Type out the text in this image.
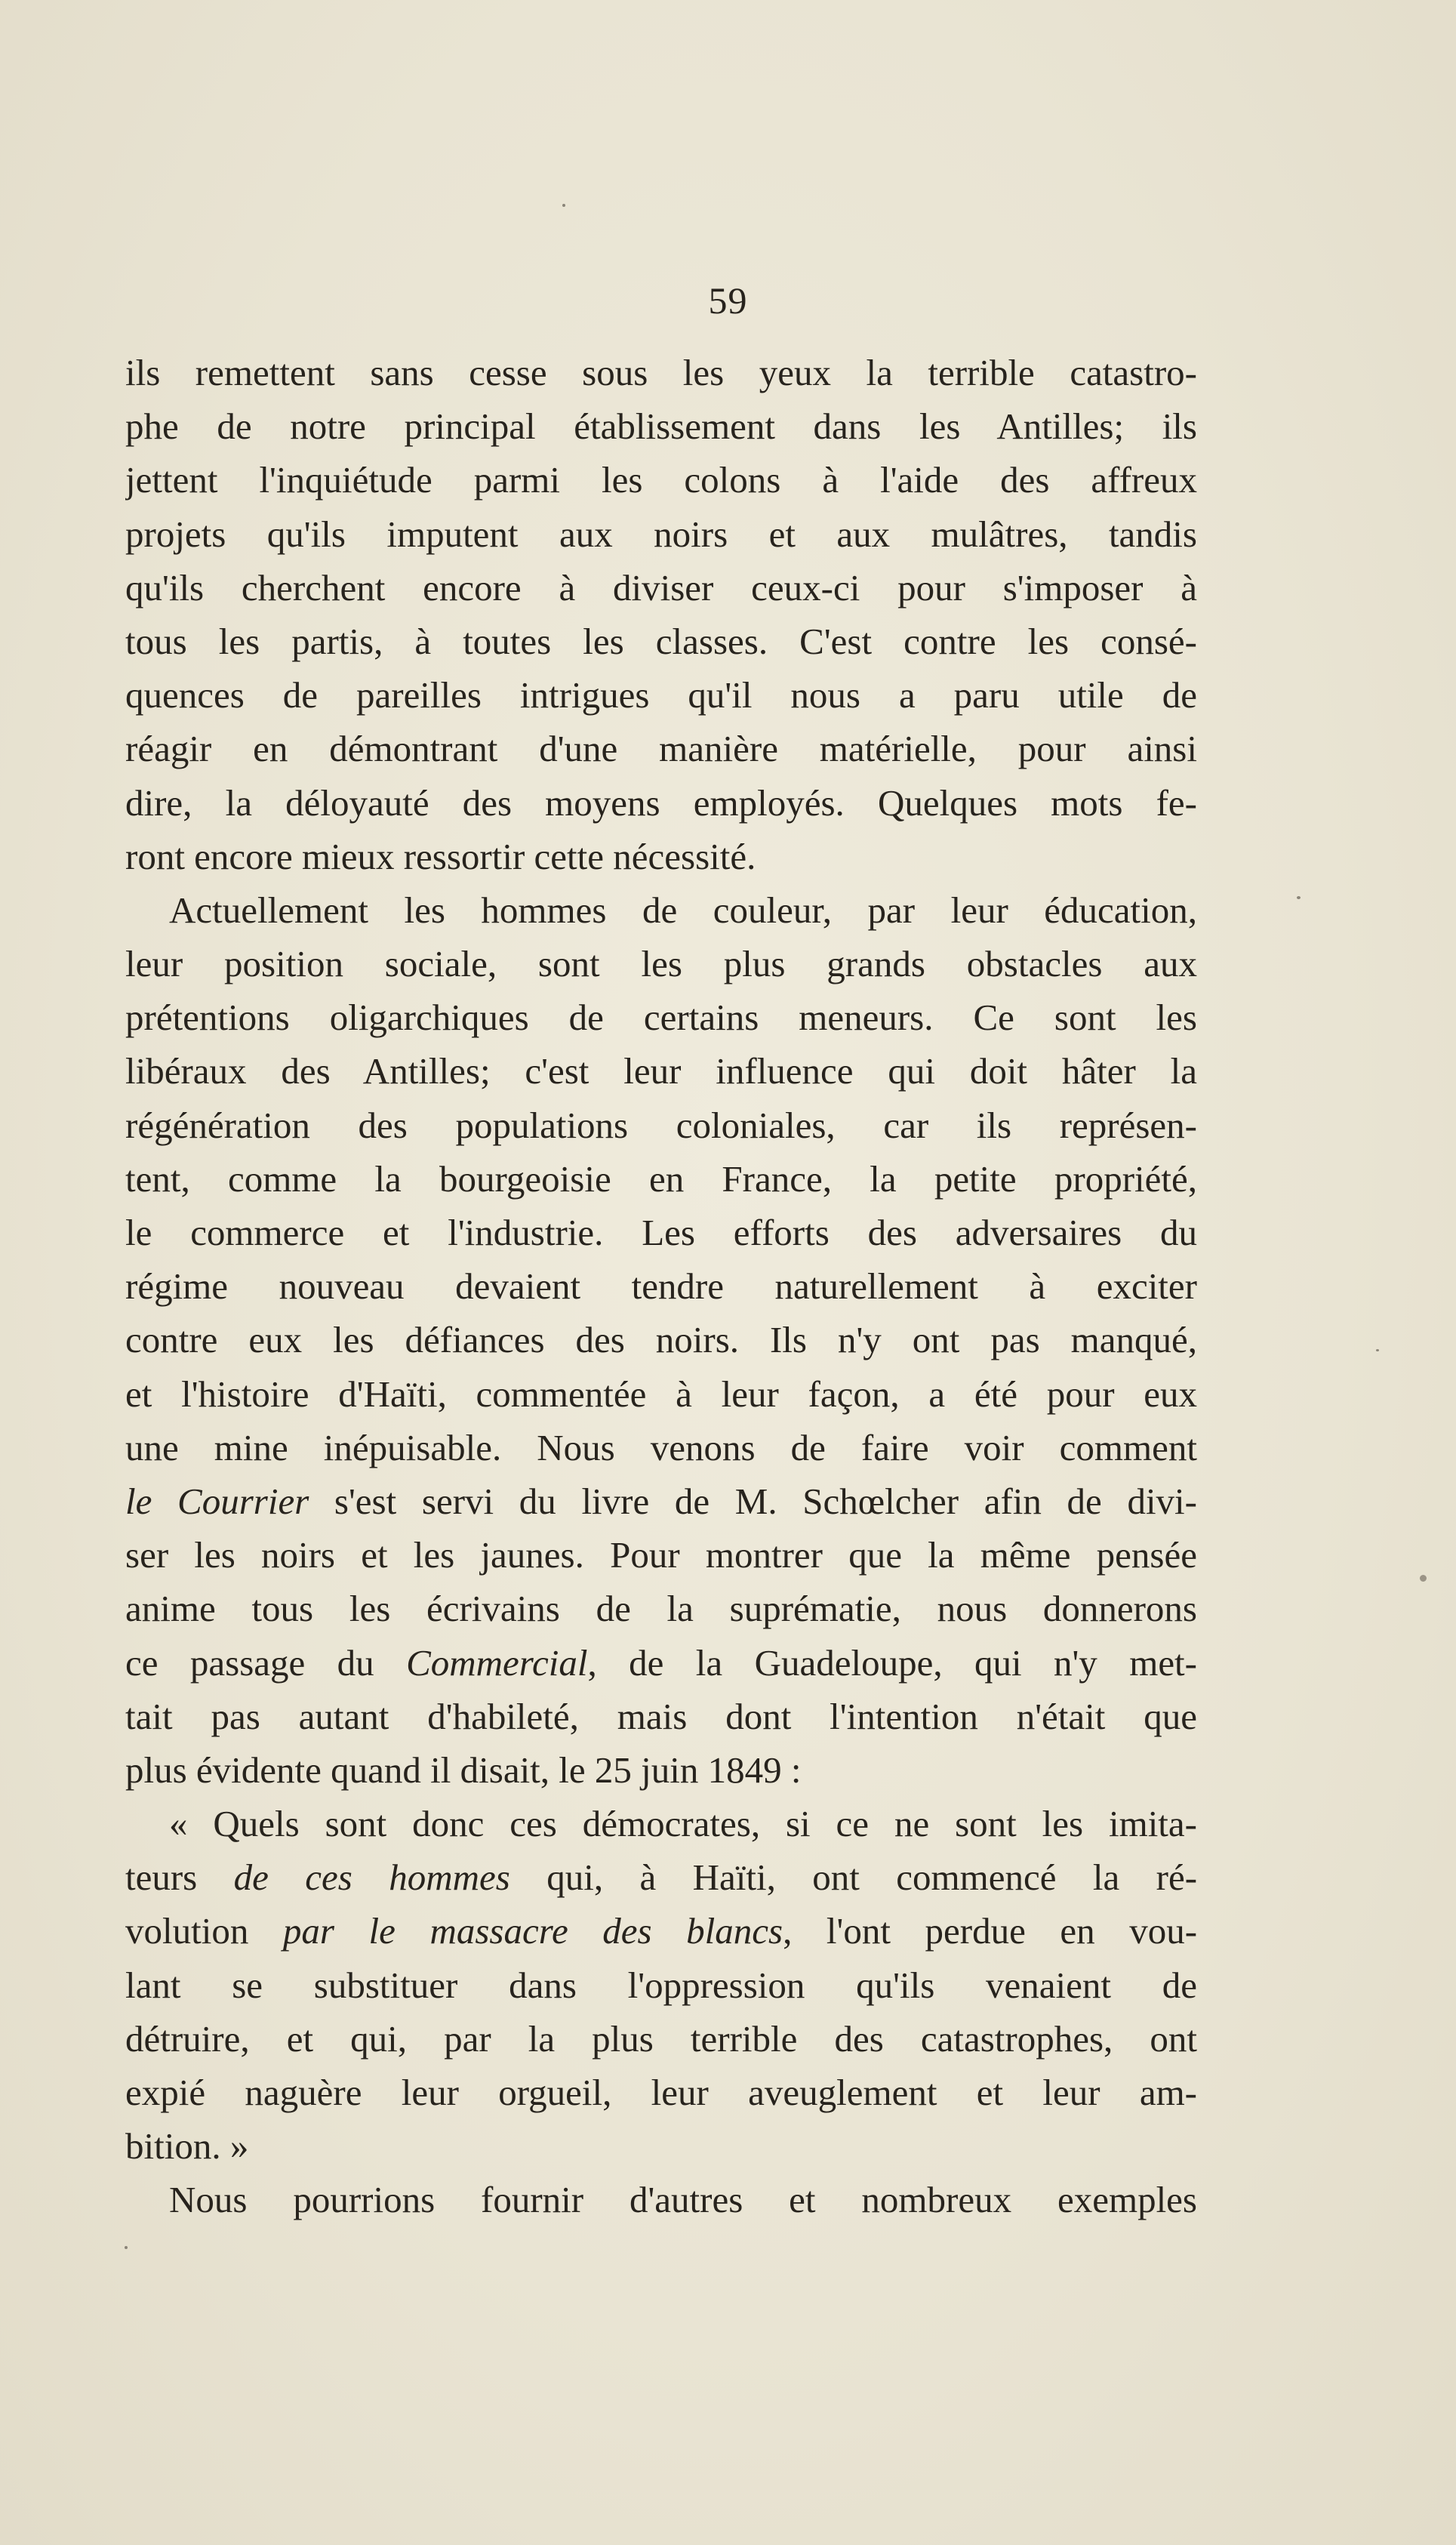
59
ils remettent sans cesse sous les yeux la terrible catastro-
phe de notre principal établissement dans les Antilles; ils
jettent l'inquiétude parmi les colons à l'aide des affreux
projets qu'ils imputent aux noirs et aux mulâtres, tandis
qu'ils cherchent encore à diviser ceux-ci pour s'imposer à
tous les partis, à toutes les classes. C'est contre les consé-
quences de pareilles intrigues qu'il nous a paru utile de
réagir en démontrant d'une manière matérielle, pour ainsi
dire, la déloyauté des moyens employés. Quelques mots fe-
ront encore mieux ressortir cette nécessité.
Actuellement les hommes de couleur, par leur éducation,
leur position sociale, sont les plus grands obstacles aux
prétentions oligarchiques de certains meneurs. Ce sont les
libéraux des Antilles; c'est leur influence qui doit hâter la
régénération des populations coloniales, car ils représen-
tent, comme la bourgeoisie en France, la petite propriété,
le commerce et l'industrie. Les efforts des adversaires du
régime nouveau devaient tendre naturellement à exciter
contre eux les défiances des noirs. Ils n'y ont pas manqué,
et l'histoire d'Haïti, commentée à leur façon, a été pour eux
une mine inépuisable. Nous venons de faire voir comment
le Courrier s'est servi du livre de M. Schœlcher afin de divi-
ser les noirs et les jaunes. Pour montrer que la même pensée
anime tous les écrivains de la suprématie, nous donnerons
ce passage du Commercial, de la Guadeloupe, qui n'y met-
tait pas autant d'habileté, mais dont l'intention n'était que
plus évidente quand il disait, le 25 juin 1849 :
« Quels sont donc ces démocrates, si ce ne sont les imita-
teurs de ces hommes qui, à Haïti, ont commencé la ré-
volution par le massacre des blancs, l'ont perdue en vou-
lant se substituer dans l'oppression qu'ils venaient de
détruire, et qui, par la plus terrible des catastrophes, ont
expié naguère leur orgueil, leur aveuglement et leur am-
bition. »
Nous pourrions fournir d'autres et nombreux exemples
